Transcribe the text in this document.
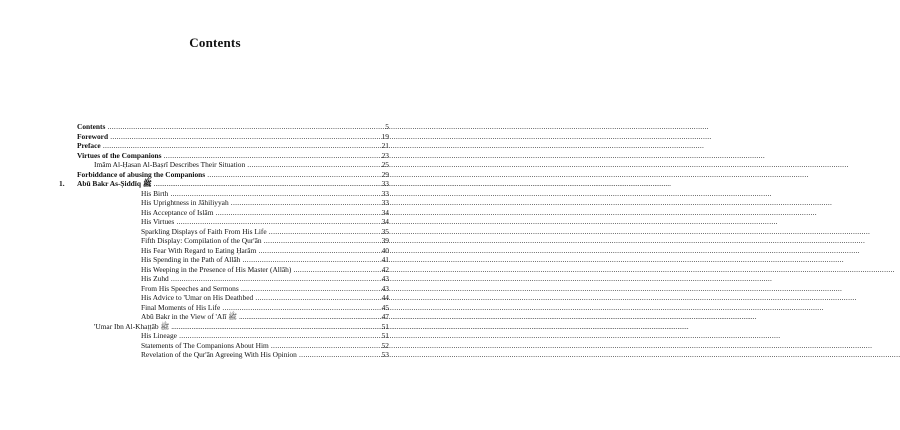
Contents
Contents .....	5
Foreword .....	19
Preface .....	21
Virtues of the Companions .....	23
Imām Al-Ḥasan Al-Baṣrī Describes Their Situation .....	25
Forbiddance of abusing the Companions .....	29
1. Abū Bakr As-Ṣiddīq ﷺ .....	33
His Birth .....	33
His Uprightness in Jāhiliyyah .....	33
His Acceptance of Islām .....	34
His Virtues .....	34
Sparkling Displays of Faith From His Life .....	35
Fifth Display: Compilation of the Qur'ān .....	39
His Fear With Regard to Eating Ḥarām .....	40
His Spending in the Path of Allāh .....	41
His Weeping in the Presence of His Master (Allāh) .....	42
His Zuhd .....	43
From His Speeches and Sermons .....	43
His Advice to 'Umar on His Deathbed .....	44
Final Moments of His Life .....	45
Abū Bakr in the View of 'Alī ﷺ .....	47
'Umar Ibn Al-Khaṭṭāb ﷺ .....	51
His Lineage .....	51
Statements of The Companions About Him .....	52
Revelation of the Qur'ān Agreeing With His Opinion .....	53
